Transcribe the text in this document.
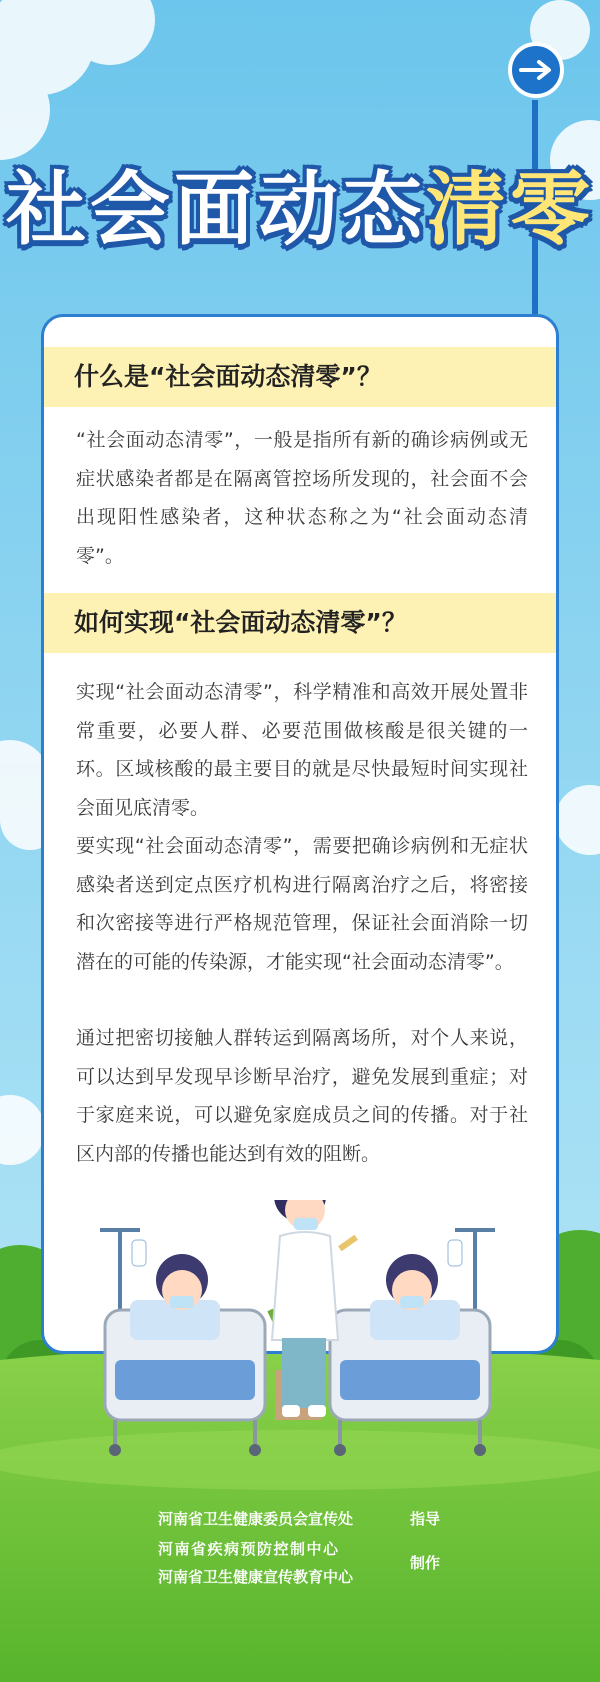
社会面动态清零
什么是“社会面动态清零”？
“社会面动态清零”，一般是指所有新的确诊病例或无症状感染者都是在隔离管控场所发现的，社会面不会出现阳性感染者，这种状态称之为“社会面动态清零”。
如何实现“社会面动态清零”？
实现“社会面动态清零”，科学精准和高效开展处置非常重要，必要人群、必要范围做核酸是很关键的一环。区域核酸的最主要目的就是尽快最短时间实现社会面见底清零。
要实现“社会面动态清零”，需要把确诊病例和无症状感染者送到定点医疗机构进行隔离治疗之后，将密接和次密接等进行严格规范管理，保证社会面消除一切潜在的可能的传染源，才能实现“社会面动态清零”。
通过把密切接触人群转运到隔离场所，对个人来说，可以达到早发现早诊断早治疗，避免发展到重症；对于家庭来说，可以避免家庭成员之间的传播。对于社区内部的传播也能达到有效的阻断。
河南省卫生健康委员会宣传处	指导
河南省疾病预防控制中心
河南省卫生健康宣传教育中心
制作
